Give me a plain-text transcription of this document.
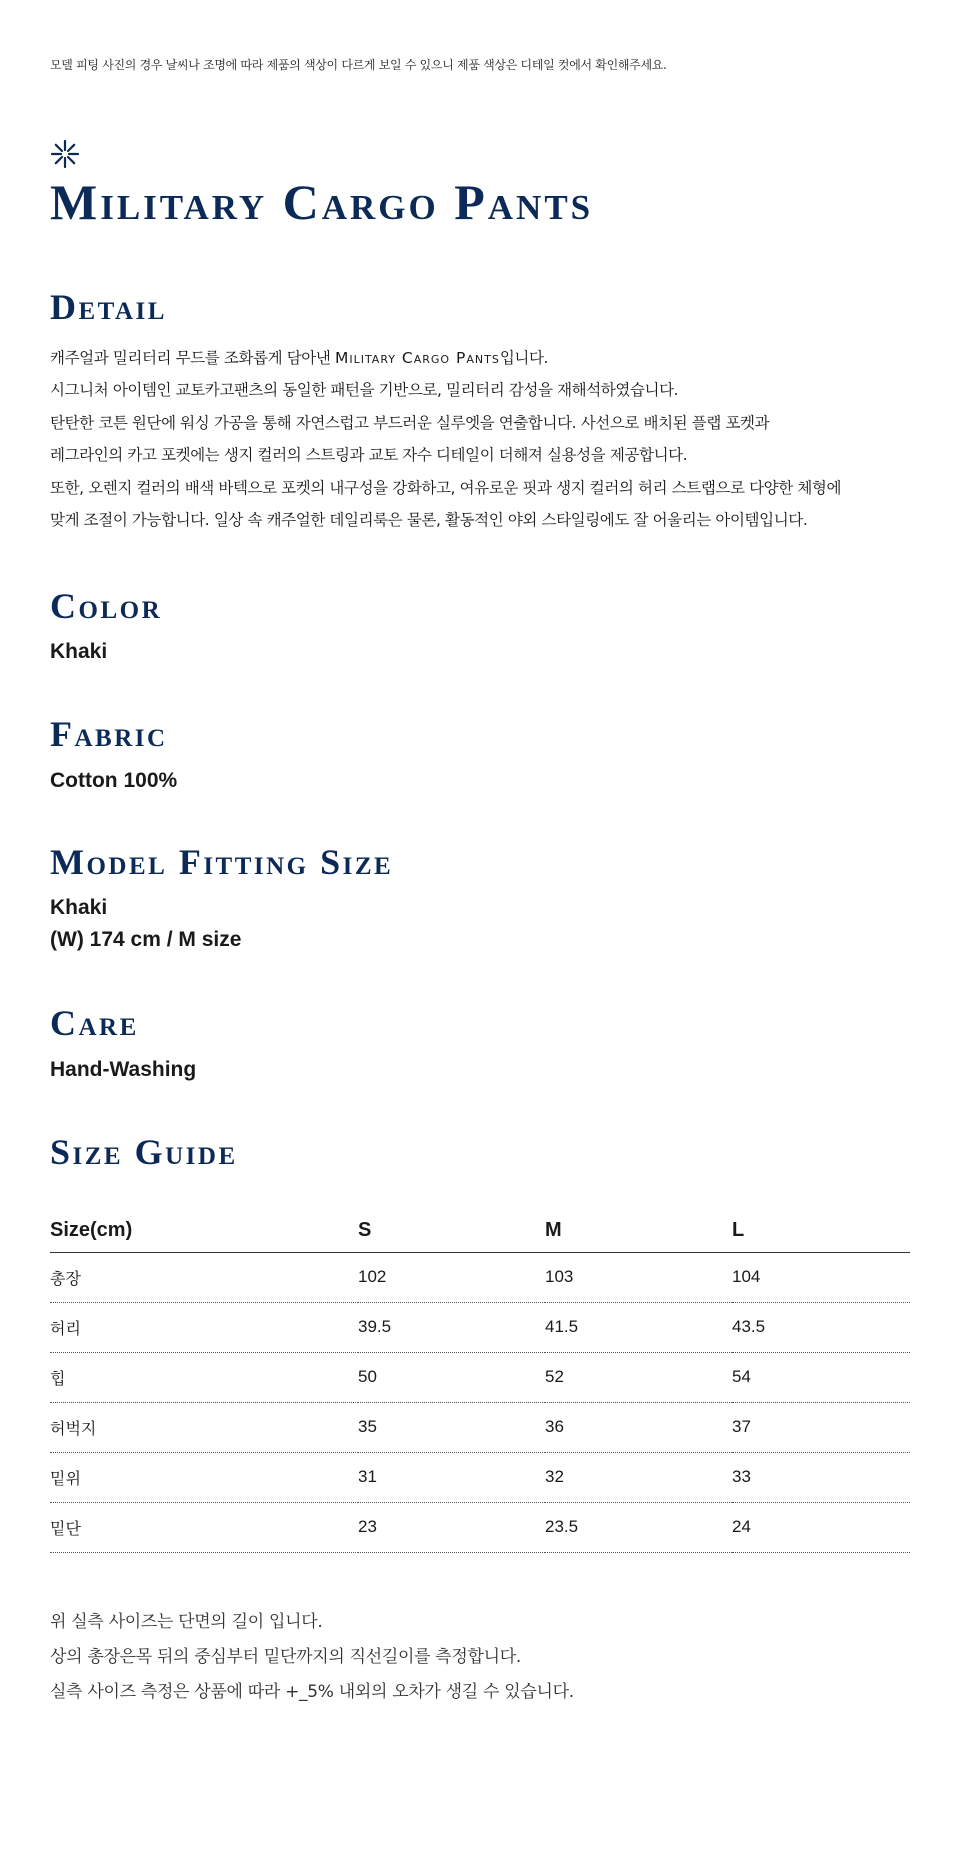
모델 피팅 사진의 경우 날씨나 조명에 따라 제품의 색상이 다르게 보일 수 있으니 제품 색상은 디테일 컷에서 확인해주세요.
Military Cargo Pants
Detail
캐주얼과 밀리터리 무드를 조화롭게 담아낸 Military Cargo Pants입니다.
시그니처 아이템인 교토카고팬츠의 동일한 패턴을 기반으로, 밀리터리 감성을 재해석하였습니다.
탄탄한 코튼 원단에 워싱 가공을 통해 자연스럽고 부드러운 실루엣을 연출합니다. 사선으로 배치된 플랩 포켓과
레그라인의 카고 포켓에는 생지 컬러의 스트링과 교토 자수 디테일이 더해져 실용성을 제공합니다.
또한, 오렌지 컬러의 배색 바텍으로 포켓의 내구성을 강화하고, 여유로운 핏과 생지 컬러의 허리 스트랩으로 다양한 체형에
맞게 조절이 가능합니다. 일상 속 캐주얼한 데일리룩은 물론, 활동적인 야외 스타일링에도 잘 어울리는 아이템입니다.
Color
Khaki
Fabric
Cotton 100%
Model Fitting Size
Khaki
(W) 174 cm / M size
Care
Hand-Washing
Size Guide
Size(cm)	S	M	L
총장	102	103	104
허리	39.5	41.5	43.5
힙	50	52	54
허벅지	35	36	37
밑위	31	32	33
밑단	23	23.5	24
위 실측 사이즈는 단면의 길이 입니다.
상의 총장은목 뒤의 중심부터 밑단까지의 직선길이를 측정합니다.
실측 사이즈 측정은 상품에 따라 +_5% 내외의 오차가 생길 수 있습니다.
